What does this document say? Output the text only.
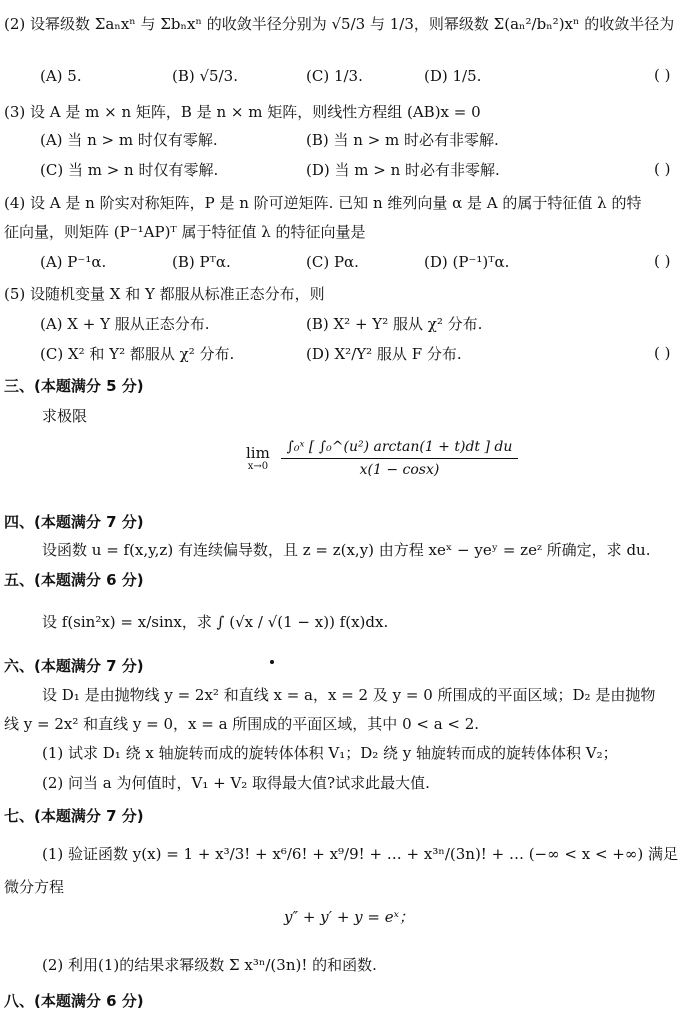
(2) 设幂级数 Σaₙxⁿ 与 Σbₙxⁿ 的收敛半径分别为 √5/3 与 1/3，则幂级数 Σ(aₙ²/bₙ²)xⁿ 的收敛半径为
(A) 5.	(B) √5/3.	(C) 1/3.	(D) 1/5.	( )
(3) 设 A 是 m × n 矩阵，B 是 n × m 矩阵，则线性方程组 (AB)x = 0
(A) 当 n > m 时仅有零解.	(B) 当 n > m 时必有非零解.
(C) 当 m > n 时仅有零解.	(D) 当 m > n 时必有非零解.	( )
(4) 设 A 是 n 阶实对称矩阵，P 是 n 阶可逆矩阵. 已知 n 维列向量 α 是 A 的属于特征值 λ 的特
征向量，则矩阵 (P⁻¹AP)ᵀ 属于特征值 λ 的特征向量是
(A) P⁻¹α.	(B) Pᵀα.	(C) Pα.	(D) (P⁻¹)ᵀα.	( )
(5) 设随机变量 X 和 Y 都服从标准正态分布，则
(A) X + Y 服从正态分布.	(B) X² + Y² 服从 χ² 分布.
(C) X² 和 Y² 都服从 χ² 分布.	(D) X²/Y² 服从 F 分布.	( )
三、(本题满分 5 分)
求极限
lim
x→0
$\frac{\text{∫₀ˣ [ ∫₀\textasciicircum{}(u²) arctan(1 + t)dt ] du}}{x(1 - \cos x)}$
四、(本题满分 7 分)
设函数 u = f(x,y,z) 有连续偏导数，且 z = z(x,y) 由方程 xeˣ − yeʸ = zeᶻ 所确定，求 du.
五、(本题满分 6 分)
设 f(sin²x) = x/sinx，求 ∫ (√x / √(1 − x)) f(x)dx.
六、(本题满分 7 分)
设 D₁ 是由抛物线 y = 2x² 和直线 x = a，x = 2 及 y = 0 所围成的平面区域；D₂ 是由抛物
线 y = 2x² 和直线 y = 0，x = a 所围成的平面区域，其中 0 < a < 2.
(1) 试求 D₁ 绕 x 轴旋转而成的旋转体体积 V₁；D₂ 绕 y 轴旋转而成的旋转体体积 V₂；
(2) 问当 a 为何值时，V₁ + V₂ 取得最大值?试求此最大值.
七、(本题满分 7 分)
(1) 验证函数 y(x) = 1 + x³/3! + x⁶/6! + x⁹/9! + … + x³ⁿ/(3n)! + … (−∞ < x < +∞) 满足
微分方程
y″ + y′ + y = eˣ；
(2) 利用(1)的结果求幂级数 Σ x³ⁿ/(3n)! 的和函数.
八、(本题满分 6 分)
